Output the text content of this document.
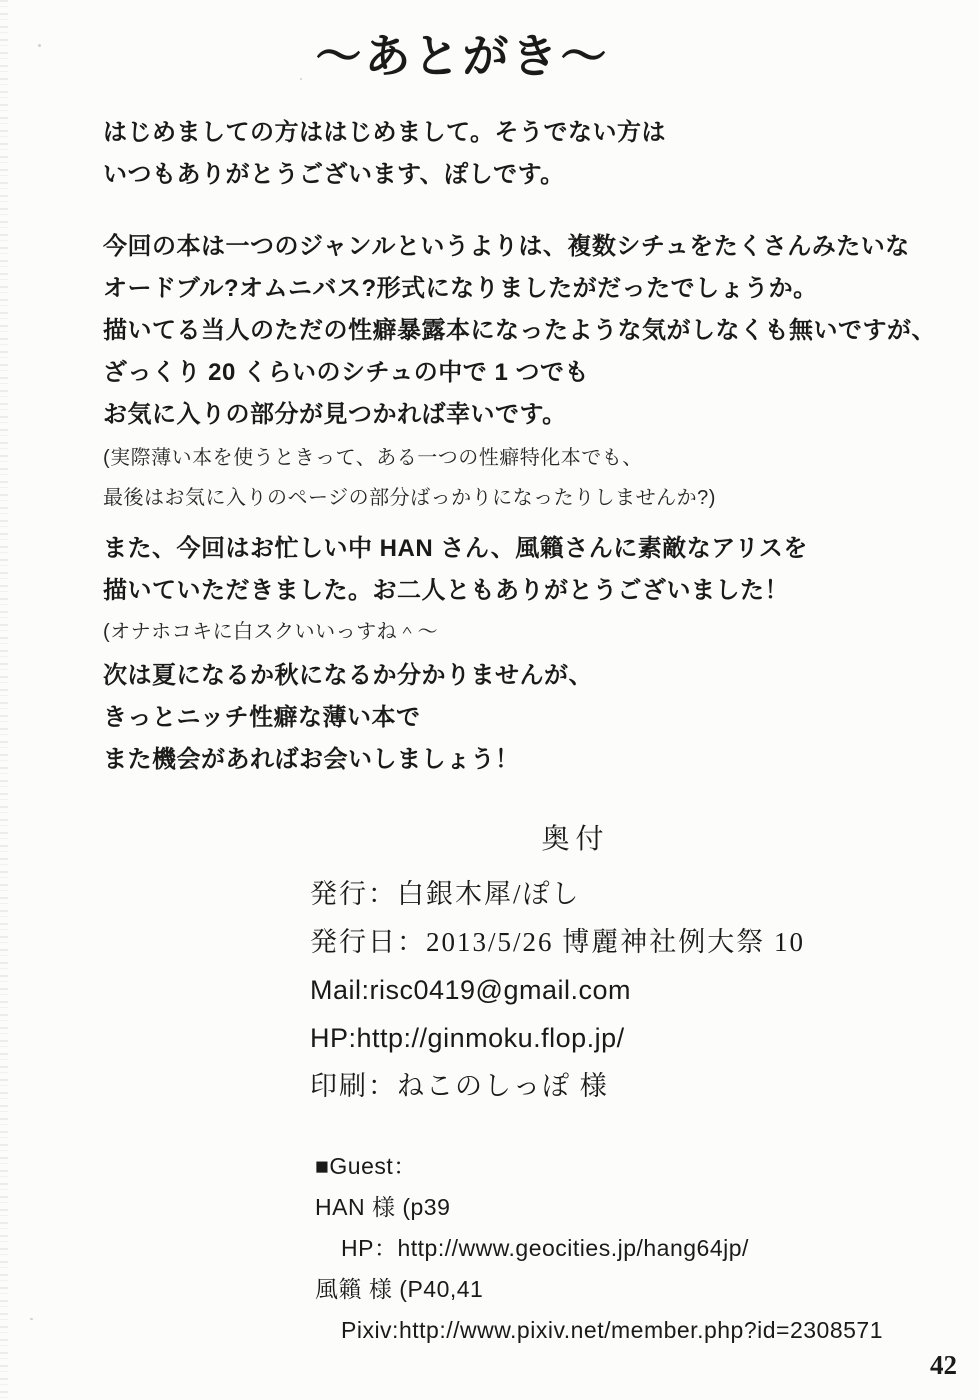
～あとがき～
はじめましての方ははじめまして。そうでない方は
いつもありがとうございます、ぽしです。
今回の本は一つのジャンルというよりは、複数シチュをたくさんみたいな
オードブル?オムニバス?形式になりましたがだったでしょうか。
描いてる当人のただの性癖暴露本になったような気がしなくも無いですが、
ざっくり 20 くらいのシチュの中で 1 つでも
お気に入りの部分が見つかれば幸いです。
(実際薄い本を使うときって、ある一つの性癖特化本でも、
最後はお気に入りのページの部分ばっかりになったりしませんか?)
また、今回はお忙しい中 HAN さん、風籟さんに素敵なアリスを
描いていただきました。お二人ともありがとうございました！
(オナホコキに白スクいいっすね＾～
次は夏になるか秋になるか分かりませんが、
きっとニッチ性癖な薄い本で
また機会があればお会いしましょう！
奥付
発行：白銀木犀/ぽし
発行日：2013/5/26 博麗神社例大祭 10
Mail:risc0419@gmail.com
HP:http://ginmoku.flop.jp/
印刷：ねこのしっぽ 様
■Guest：
HAN 様 (p39
HP：http://www.geocities.jp/hang64jp/
風籟 様 (P40,41
Pixiv:http://www.pixiv.net/member.php?id=2308571
42
